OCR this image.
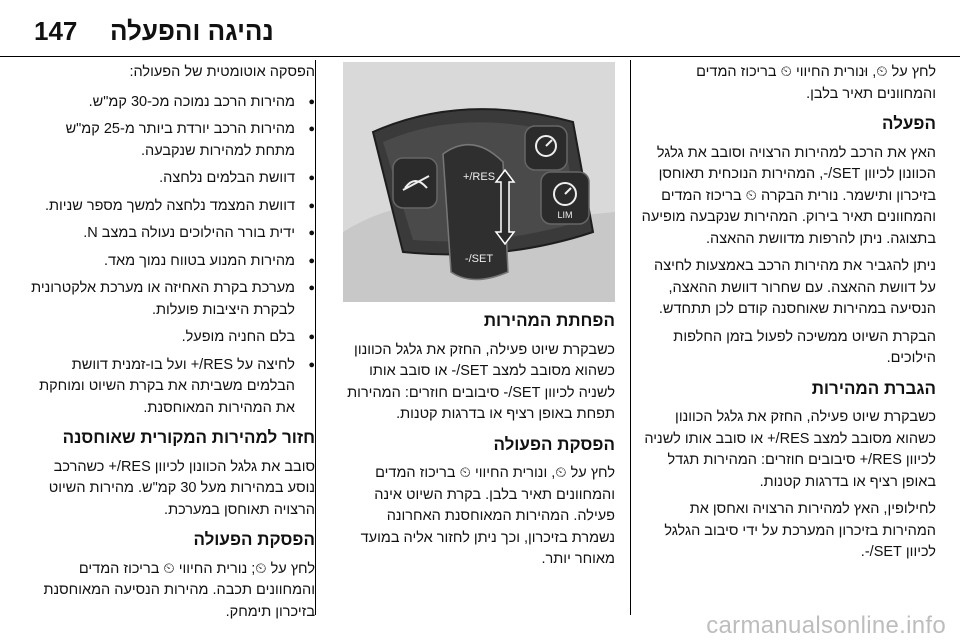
147 נהיגה והפעלה

לחץ על ⏲, וּנורית החיווי ⏲ בריכוז המדים והמחוונים תאיר בלבן.

הפעלה

האץ את הרכב למהירות הרצויה וסובב את גלגל הכוונון לכיוון SET/-, המהירות הנוכחית תאוחסן בזיכרון ותישמר. נורית הבקרה ⏲ בריכוז המדים והמחוונים תאיר בירוק. המהירות שנקבעה מופיעה בתצוגה. ניתן להרפות מדוושת ההאצה.

ניתן להגביר את מהירות הרכב באמצעות לחיצה על דוושת ההאצה. עם שחרור דוושת ההאצה, הנסיעה במהירות שאוחסנה קודם לכן תתחדש.

הבקרת השיוט ממשיכה לפעול בזמן החלפות הילוכים.

הגברת המהירות

כשבקרת שיוט פעילה, החזק את גלגל הכוונון כשהוא מסובב למצב RES/+ או סובב אותו לשניה לכיוון RES/+ סיבובים חוזרים: המהירות תגדל באופן רציף או בדרגות קטנות.

לחילופין, האץ למהירות הרצויה ואחסן את המהירות בזיכרון המערכת על ידי סיבוב הגלגל לכיוון SET/-.

LIM
RES/+
SET/-
הפחתת המהירות

כשבקרת שיוט פעילה, החזק את גלגל הכוונון כשהוא מסובב למצב SET/- או סובב אותו לשניה לכיוון SET/- סיבובים חוזרים: המהירות תפחת באופן רציף או בדרגות קטנות.

הפסקת הפעולה

לחץ על ⏲, ונורית החיווי ⏲ בריכוז המדים והמחוונים תאיר בלבן. בקרת השיוט אינה פעילה. המהירות המאוחסנת האחרונה נשמרת בזיכרון, וכך ניתן לחזור אליה במועד מאוחר יותר.

הפסקה אוטומטית של הפעולה:

● מהירות הרכב נמוכה מכ-30 קמ"ש.
● מהירות הרכב יורדת ביותר מ-25 קמ"ש מתחת למהירות שנקבעה.
● דוושת הבלמים נלחצה.
● דוושת המצמד נלחצה למשך מספר שניות.
● ידית בורר ההילוכים נעולה במצב N.
● מהירות המנוע בטווח נמוך מאד.
● מערכת בקרת האחיזה או מערכת אלקטרונית לבקרת היציבות פועלות.
● בלם החניה מופעל.
● לחיצה על RES/+ ועל בו-זמנית דוושת הבלמים משביתה את בקרת השיוט ומוחקת את המהירות המאוחסנת.
חזור למהירות המקורית שאוחסנה

סובב את גלגל הכוונון לכיוון RES/+ כשהרכב נוסע במהירות מעל 30 קמ"ש. מהירות השיוט הרצויה תאוחסן במערכת.

הפסקת הפעולה

לחץ על ⏲; נורית החיווי ⏲ בריכוז המדים והמחוונים תכבה. מהירות הנסיעה המאוחסנת בזיכרון תימחק.

carmanualsonline.info
